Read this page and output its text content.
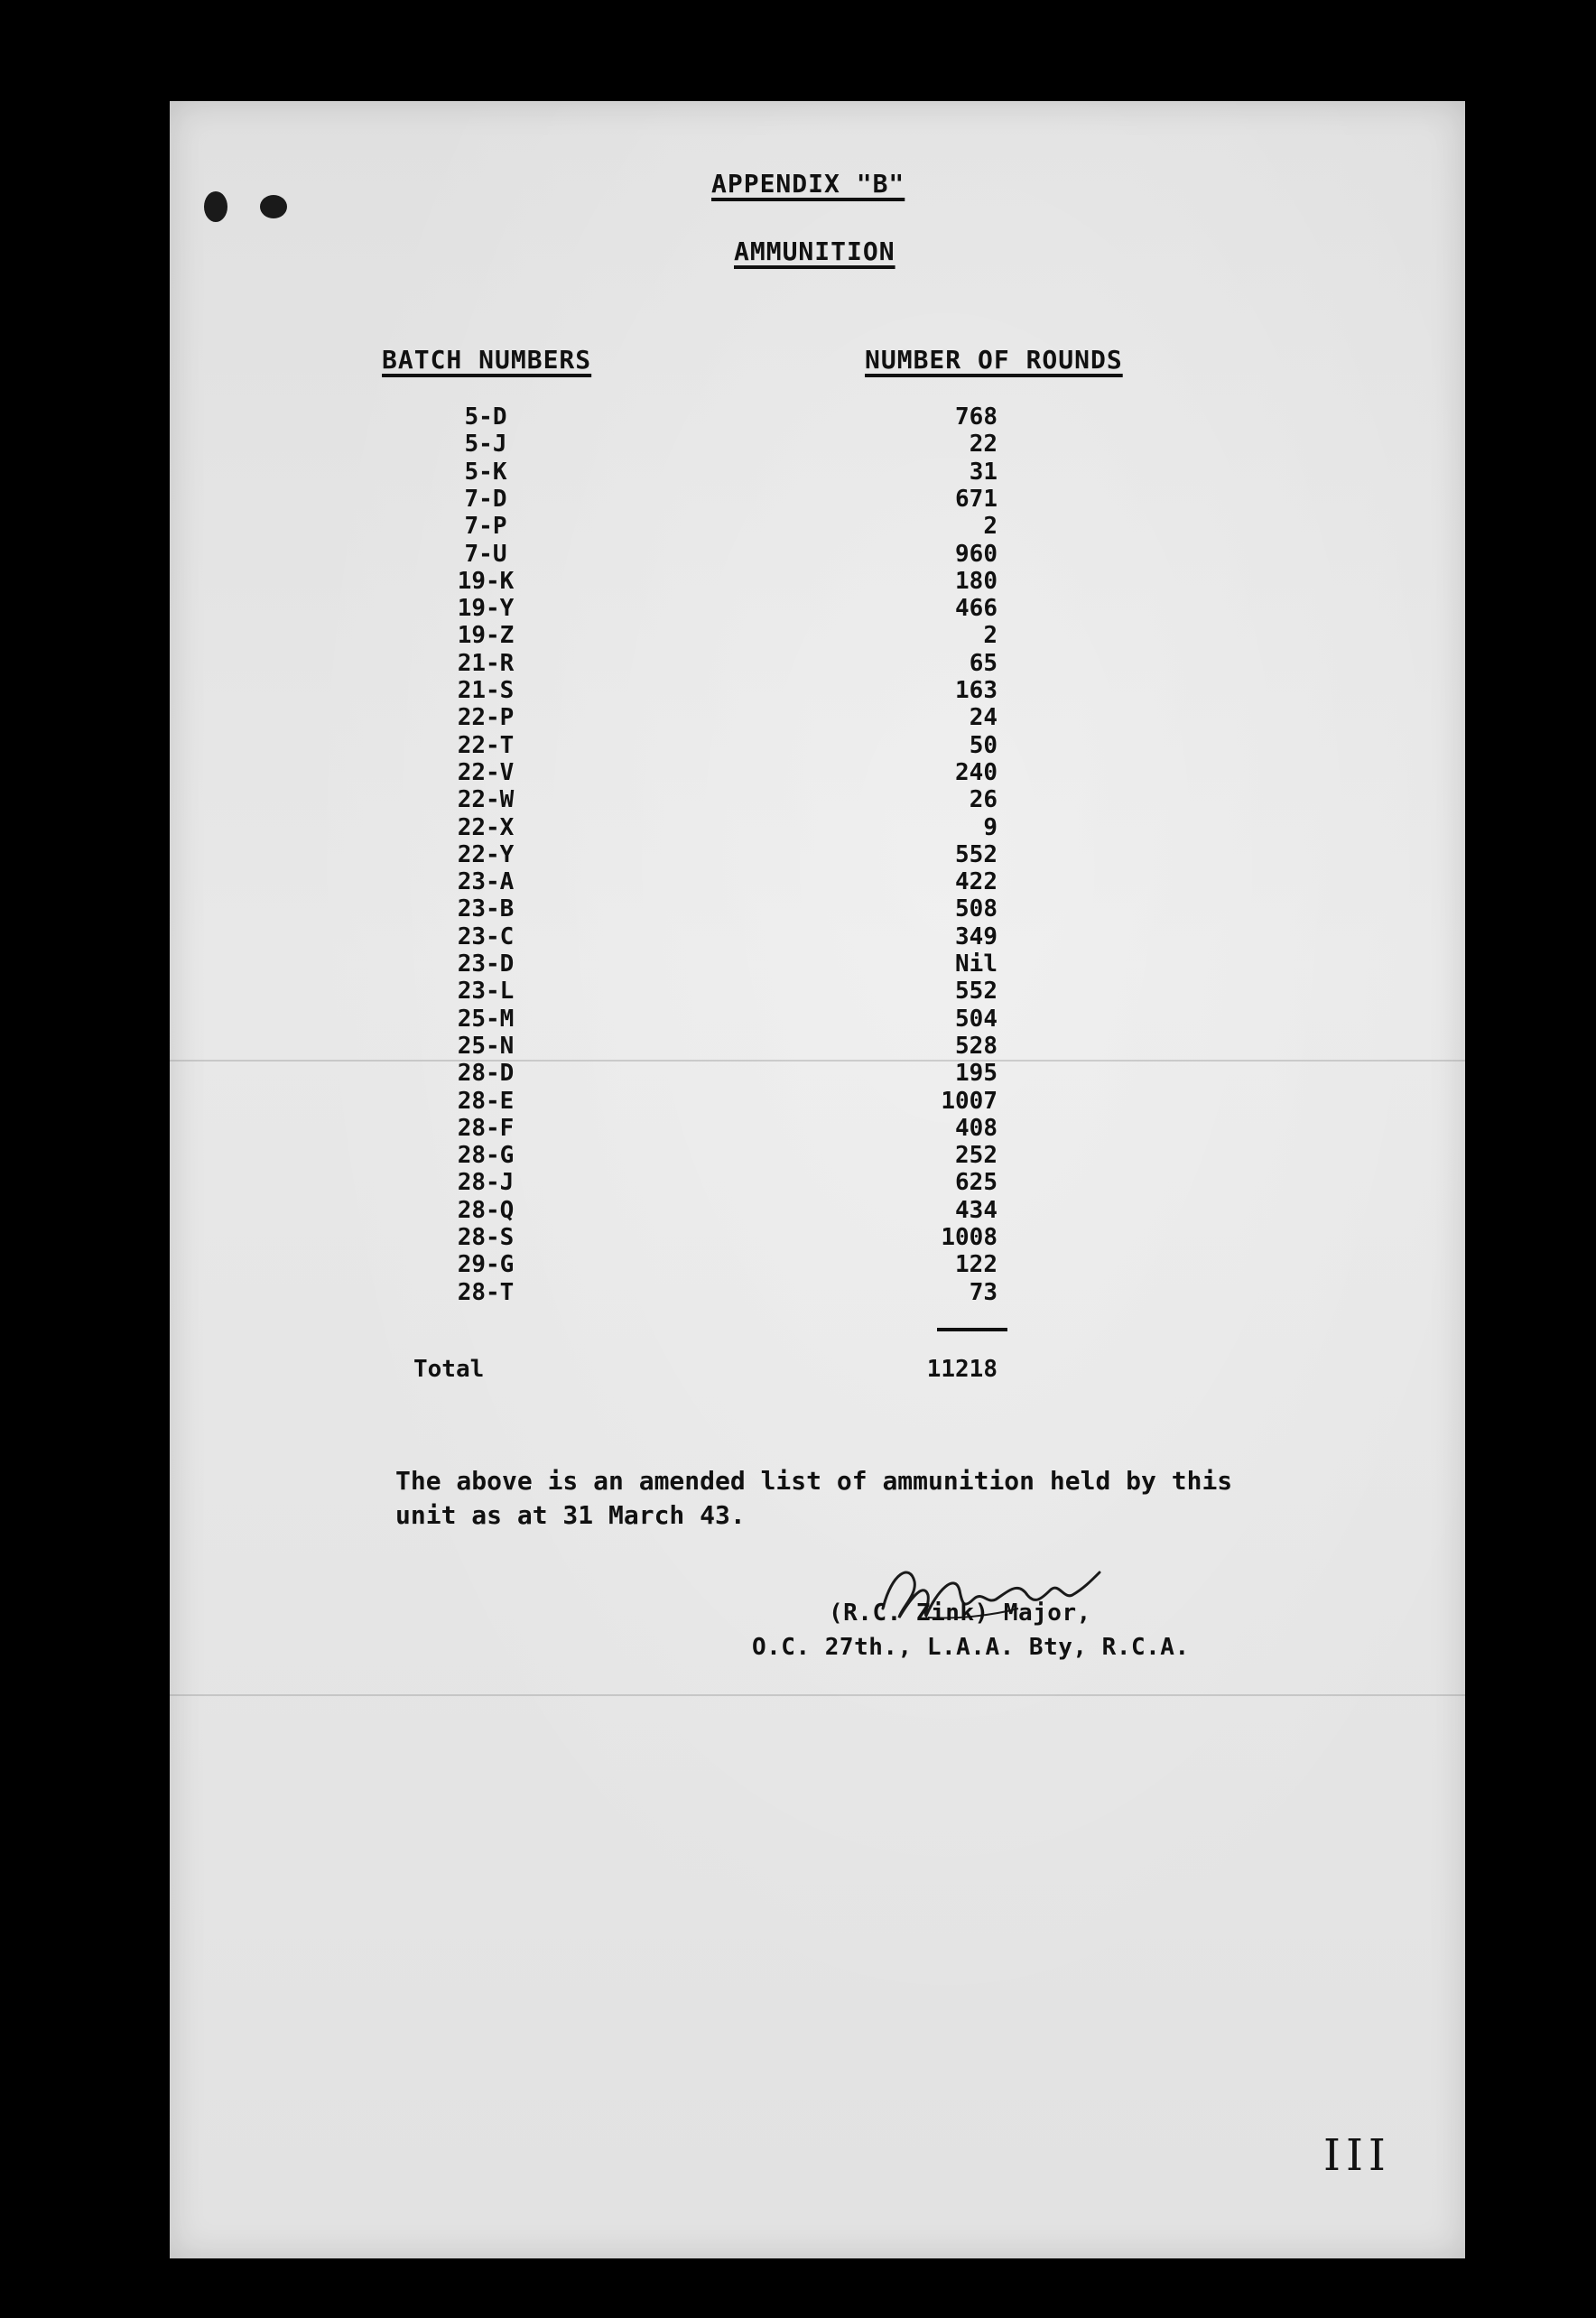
APPENDIX "B"
AMMUNITION
BATCH NUMBERS	NUMBER OF ROUNDS
5-D	768
5-J	22
5-K	31
7-D	671
7-P	2
7-U	960
19-K	180
19-Y	466
19-Z	2
21-R	65
21-S	163
22-P	24
22-T	50
22-V	240
22-W	26
22-X	9
22-Y	552
23-A	422
23-B	508
23-C	349
23-D	Nil
23-L	552
25-M	504
25-N	528
28-D	195
28-E	1007
28-F	408
28-G	252
28-J	625
28-Q	434
28-S	1008
29-G	122
28-T	73
Total	11218
The above is an amended list of ammunition held by this
unit as at 31 March 43.
(R.C. Zink) Major,
O.C. 27th., L.A.A. Bty, R.C.A.
III
